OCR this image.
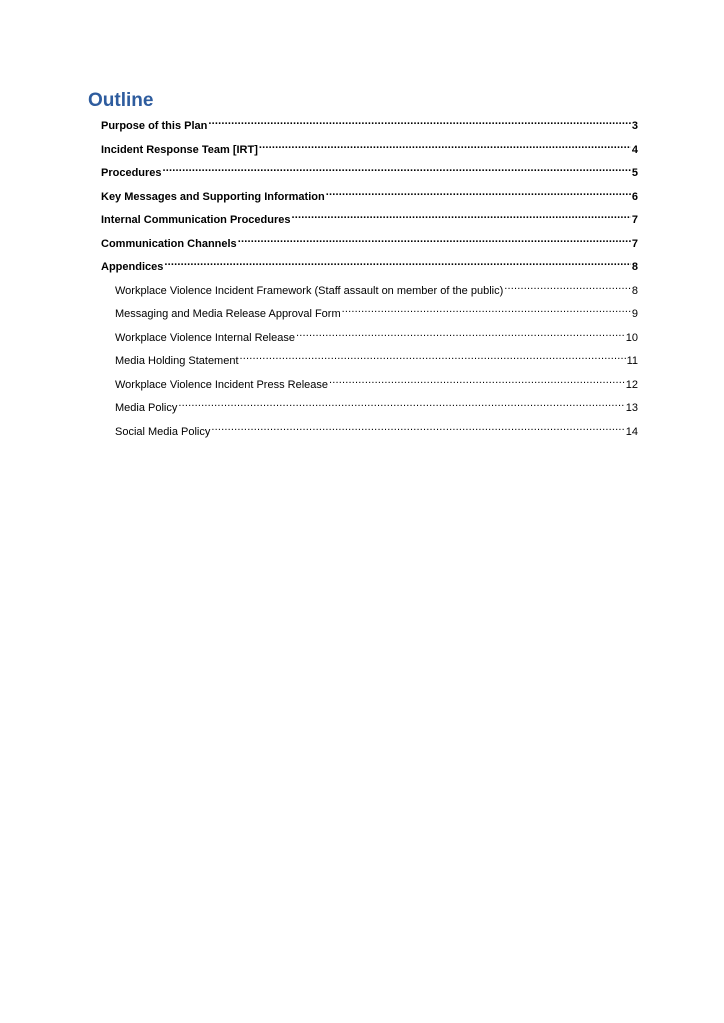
Outline
Purpose of this Plan .....	3
Incident Response Team [IRT] .....	4
Procedures .....	5
Key Messages and Supporting Information .....	6
Internal Communication Procedures .....	7
Communication Channels .....	7
Appendices .....	8
Workplace Violence Incident Framework (Staff assault on member of the public) .....	8
Messaging and Media Release Approval Form .....	9
Workplace Violence Internal Release .....	10
Media Holding Statement .....	11
Workplace Violence Incident Press Release .....	12
Media Policy .....	13
Social Media Policy .....	14
